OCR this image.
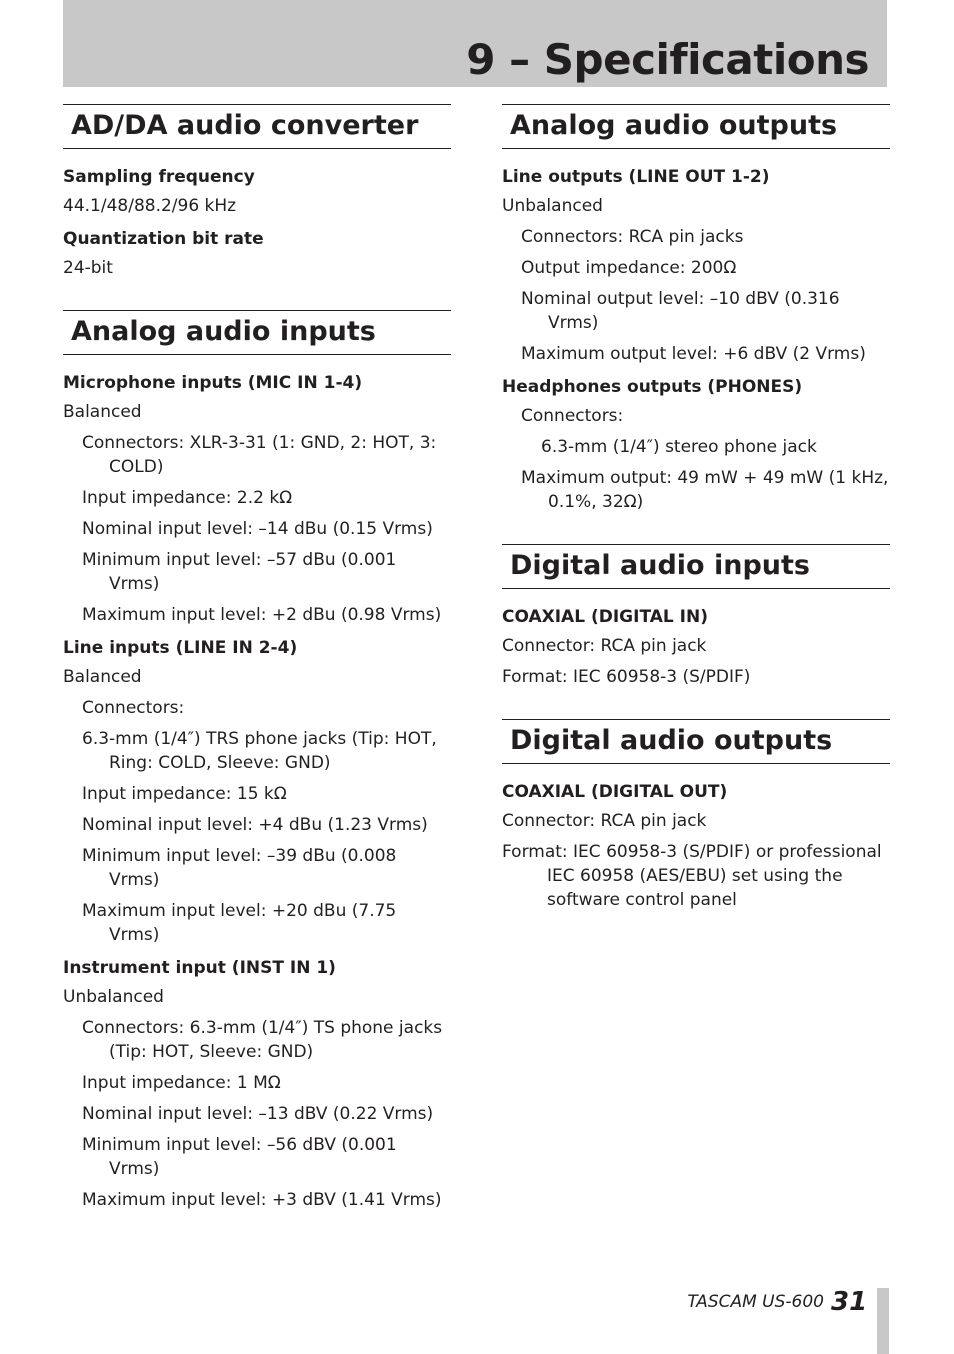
9 – Specifications
AD/DA audio converter
Sampling frequency

44.1/48/88.2/96 kHz

Quantization bit rate

24-bit

Analog audio inputs
Microphone inputs (MIC IN 1-4)

Balanced

Connectors: XLR-3-31 (1: GND, 2: HOT, 3: COLD)

Input impedance: 2.2 kΩ

Nominal input level: –14 dBu (0.15 Vrms)

Minimum input level: –57 dBu (0.001 Vrms)

Maximum input level: +2 dBu (0.98 Vrms)

Line inputs (LINE IN 2-4)

Balanced

Connectors:

6.3-mm (1/4″) TRS phone jacks (Tip: HOT, Ring: COLD, Sleeve: GND)

Input impedance: 15 kΩ

Nominal input level: +4 dBu (1.23 Vrms)

Minimum input level: –39 dBu (0.008 Vrms)

Maximum input level: +20 dBu (7.75 Vrms)

Instrument input (INST IN 1)

Unbalanced

Connectors: 6.3-mm (1/4″) TS phone jacks (Tip: HOT, Sleeve: GND)

Input impedance: 1 MΩ

Nominal input level: –13 dBV (0.22 Vrms)

Minimum input level: –56 dBV (0.001 Vrms)

Maximum input level: +3 dBV (1.41 Vrms)

Analog audio outputs
Line outputs (LINE OUT 1-2)

Unbalanced

Connectors: RCA pin jacks

Output impedance: 200Ω

Nominal output level: –10 dBV (0.316 Vrms)

Maximum output level: +6 dBV (2 Vrms)

Headphones outputs (PHONES)

Connectors:

6.3-mm (1/4″) stereo phone jack

Maximum output: 49 mW + 49 mW (1 kHz, 0.1%, 32Ω)

Digital audio inputs
COAXIAL (DIGITAL IN)

Connector: RCA pin jack

Format: IEC 60958-3 (S/PDIF)

Digital audio outputs
COAXIAL (DIGITAL OUT)

Connector: RCA pin jack

Format: IEC 60958-3 (S/PDIF) or professional IEC 60958 (AES/EBU) set using the software control panel

TASCAM US-600 31
